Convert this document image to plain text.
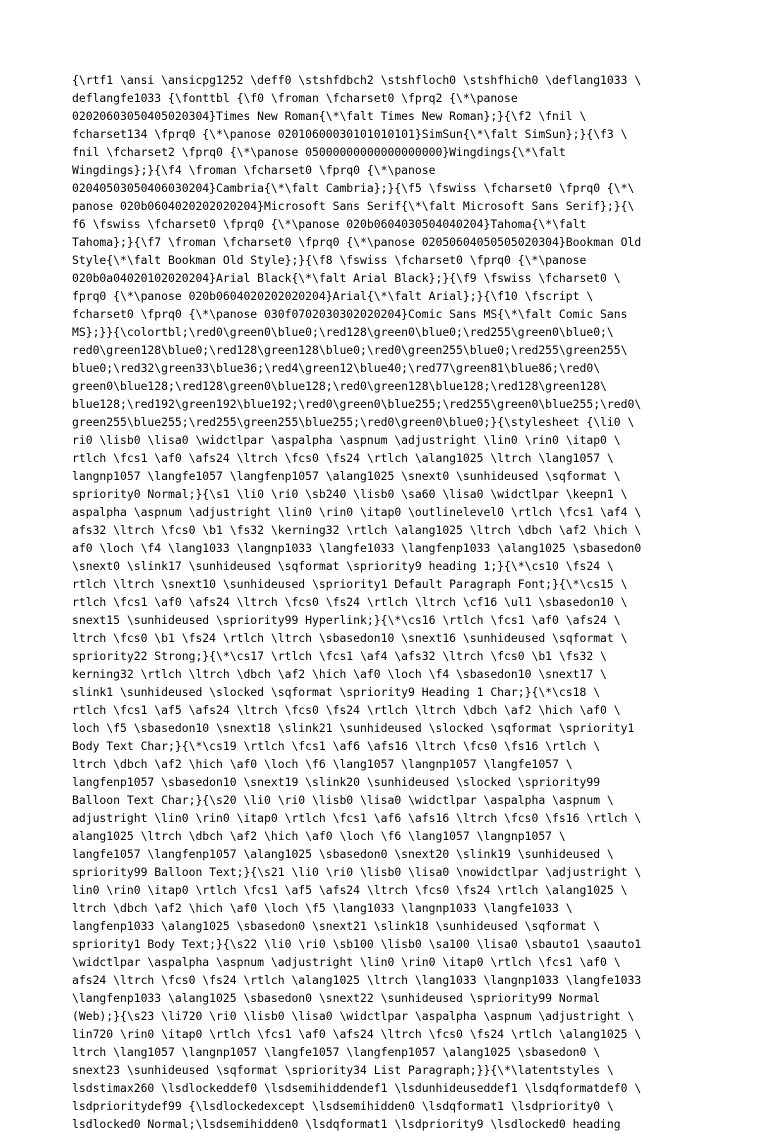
{\rtf1 \ansi \ansicpg1252 \deff0 \stshfdbch2 \stshfloch0 \stshfhich0 \deflang1033 \
deflangfe1033 {\fonttbl {\f0 \froman \fcharset0 \fprq2 {\*\panose
02020603050405020304}Times New Roman{\*\falt Times New Roman};}{\f2 \fnil \
fcharset134 \fprq0 {\*\panose 02010600030101010101}SimSun{\*\falt SimSun};}{\f3 \
fnil \fcharset2 \fprq0 {\*\panose 05000000000000000000}Wingdings{\*\falt
Wingdings};}{\f4 \froman \fcharset0 \fprq0 {\*\panose
02040503050406030204}Cambria{\*\falt Cambria};}{\f5 \fswiss \fcharset0 \fprq0 {\*\
panose 020b0604020202020204}Microsoft Sans Serif{\*\falt Microsoft Sans Serif};}{\
f6 \fswiss \fcharset0 \fprq0 {\*\panose 020b0604030504040204}Tahoma{\*\falt
Tahoma};}{\f7 \froman \fcharset0 \fprq0 {\*\panose 02050604050505020304}Bookman Old
Style{\*\falt Bookman Old Style};}{\f8 \fswiss \fcharset0 \fprq0 {\*\panose
020b0a04020102020204}Arial Black{\*\falt Arial Black};}{\f9 \fswiss \fcharset0 \
fprq0 {\*\panose 020b0604020202020204}Arial{\*\falt Arial};}{\f10 \fscript \
fcharset0 \fprq0 {\*\panose 030f0702030302020204}Comic Sans MS{\*\falt Comic Sans
MS};}}{\colortbl;\red0\green0\blue0;\red128\green0\blue0;\red255\green0\blue0;\
red0\green128\blue0;\red128\green128\blue0;\red0\green255\blue0;\red255\green255\
blue0;\red32\green33\blue36;\red4\green12\blue40;\red77\green81\blue86;\red0\
green0\blue128;\red128\green0\blue128;\red0\green128\blue128;\red128\green128\
blue128;\red192\green192\blue192;\red0\green0\blue255;\red255\green0\blue255;\red0\
green255\blue255;\red255\green255\blue255;\red0\green0\blue0;}{\stylesheet {\li0 \
ri0 \lisb0 \lisa0 \widctlpar \aspalpha \aspnum \adjustright \lin0 \rin0 \itap0 \
rtlch \fcs1 \af0 \afs24 \ltrch \fcs0 \fs24 \rtlch \alang1025 \ltrch \lang1057 \
langnp1057 \langfe1057 \langfenp1057 \alang1025 \snext0 \sunhideused \sqformat \
spriority0 Normal;}{\s1 \li0 \ri0 \sb240 \lisb0 \sa60 \lisa0 \widctlpar \keepn1 \
aspalpha \aspnum \adjustright \lin0 \rin0 \itap0 \outlinelevel0 \rtlch \fcs1 \af4 \
afs32 \ltrch \fcs0 \b1 \fs32 \kerning32 \rtlch \alang1025 \ltrch \dbch \af2 \hich \
af0 \loch \f4 \lang1033 \langnp1033 \langfe1033 \langfenp1033 \alang1025 \sbasedon0
\snext0 \slink17 \sunhideused \sqformat \spriority9 heading 1;}{\*\cs10 \fs24 \
rtlch \ltrch \snext10 \sunhideused \spriority1 Default Paragraph Font;}{\*\cs15 \
rtlch \fcs1 \af0 \afs24 \ltrch \fcs0 \fs24 \rtlch \ltrch \cf16 \ul1 \sbasedon10 \
snext15 \sunhideused \spriority99 Hyperlink;}{\*\cs16 \rtlch \fcs1 \af0 \afs24 \
ltrch \fcs0 \b1 \fs24 \rtlch \ltrch \sbasedon10 \snext16 \sunhideused \sqformat \
spriority22 Strong;}{\*\cs17 \rtlch \fcs1 \af4 \afs32 \ltrch \fcs0 \b1 \fs32 \
kerning32 \rtlch \ltrch \dbch \af2 \hich \af0 \loch \f4 \sbasedon10 \snext17 \
slink1 \sunhideused \slocked \sqformat \spriority9 Heading 1 Char;}{\*\cs18 \
rtlch \fcs1 \af5 \afs24 \ltrch \fcs0 \fs24 \rtlch \ltrch \dbch \af2 \hich \af0 \
loch \f5 \sbasedon10 \snext18 \slink21 \sunhideused \slocked \sqformat \spriority1
Body Text Char;}{\*\cs19 \rtlch \fcs1 \af6 \afs16 \ltrch \fcs0 \fs16 \rtlch \
ltrch \dbch \af2 \hich \af0 \loch \f6 \lang1057 \langnp1057 \langfe1057 \
langfenp1057 \sbasedon10 \snext19 \slink20 \sunhideused \slocked \spriority99
Balloon Text Char;}{\s20 \li0 \ri0 \lisb0 \lisa0 \widctlpar \aspalpha \aspnum \
adjustright \lin0 \rin0 \itap0 \rtlch \fcs1 \af6 \afs16 \ltrch \fcs0 \fs16 \rtlch \
alang1025 \ltrch \dbch \af2 \hich \af0 \loch \f6 \lang1057 \langnp1057 \
langfe1057 \langfenp1057 \alang1025 \sbasedon0 \snext20 \slink19 \sunhideused \
spriority99 Balloon Text;}{\s21 \li0 \ri0 \lisb0 \lisa0 \nowidctlpar \adjustright \
lin0 \rin0 \itap0 \rtlch \fcs1 \af5 \afs24 \ltrch \fcs0 \fs24 \rtlch \alang1025 \
ltrch \dbch \af2 \hich \af0 \loch \f5 \lang1033 \langnp1033 \langfe1033 \
langfenp1033 \alang1025 \sbasedon0 \snext21 \slink18 \sunhideused \sqformat \
spriority1 Body Text;}{\s22 \li0 \ri0 \sb100 \lisb0 \sa100 \lisa0 \sbauto1 \saauto1
\widctlpar \aspalpha \aspnum \adjustright \lin0 \rin0 \itap0 \rtlch \fcs1 \af0 \
afs24 \ltrch \fcs0 \fs24 \rtlch \alang1025 \ltrch \lang1033 \langnp1033 \langfe1033
\langfenp1033 \alang1025 \sbasedon0 \snext22 \sunhideused \spriority99 Normal
(Web);}{\s23 \li720 \ri0 \lisb0 \lisa0 \widctlpar \aspalpha \aspnum \adjustright \
lin720 \rin0 \itap0 \rtlch \fcs1 \af0 \afs24 \ltrch \fcs0 \fs24 \rtlch \alang1025 \
ltrch \lang1057 \langnp1057 \langfe1057 \langfenp1057 \alang1025 \sbasedon0 \
snext23 \sunhideused \sqformat \spriority34 List Paragraph;}}{\*\latentstyles \
lsdstimax260 \lsdlockeddef0 \lsdsemihiddendef1 \lsdunhideuseddef1 \lsdqformatdef0 \
lsdprioritydef99 {\lsdlockedexcept \lsdsemihidden0 \lsdqformat1 \lsdpriority0 \
lsdlocked0 Normal;\lsdsemihidden0 \lsdqformat1 \lsdpriority9 \lsdlocked0 heading
